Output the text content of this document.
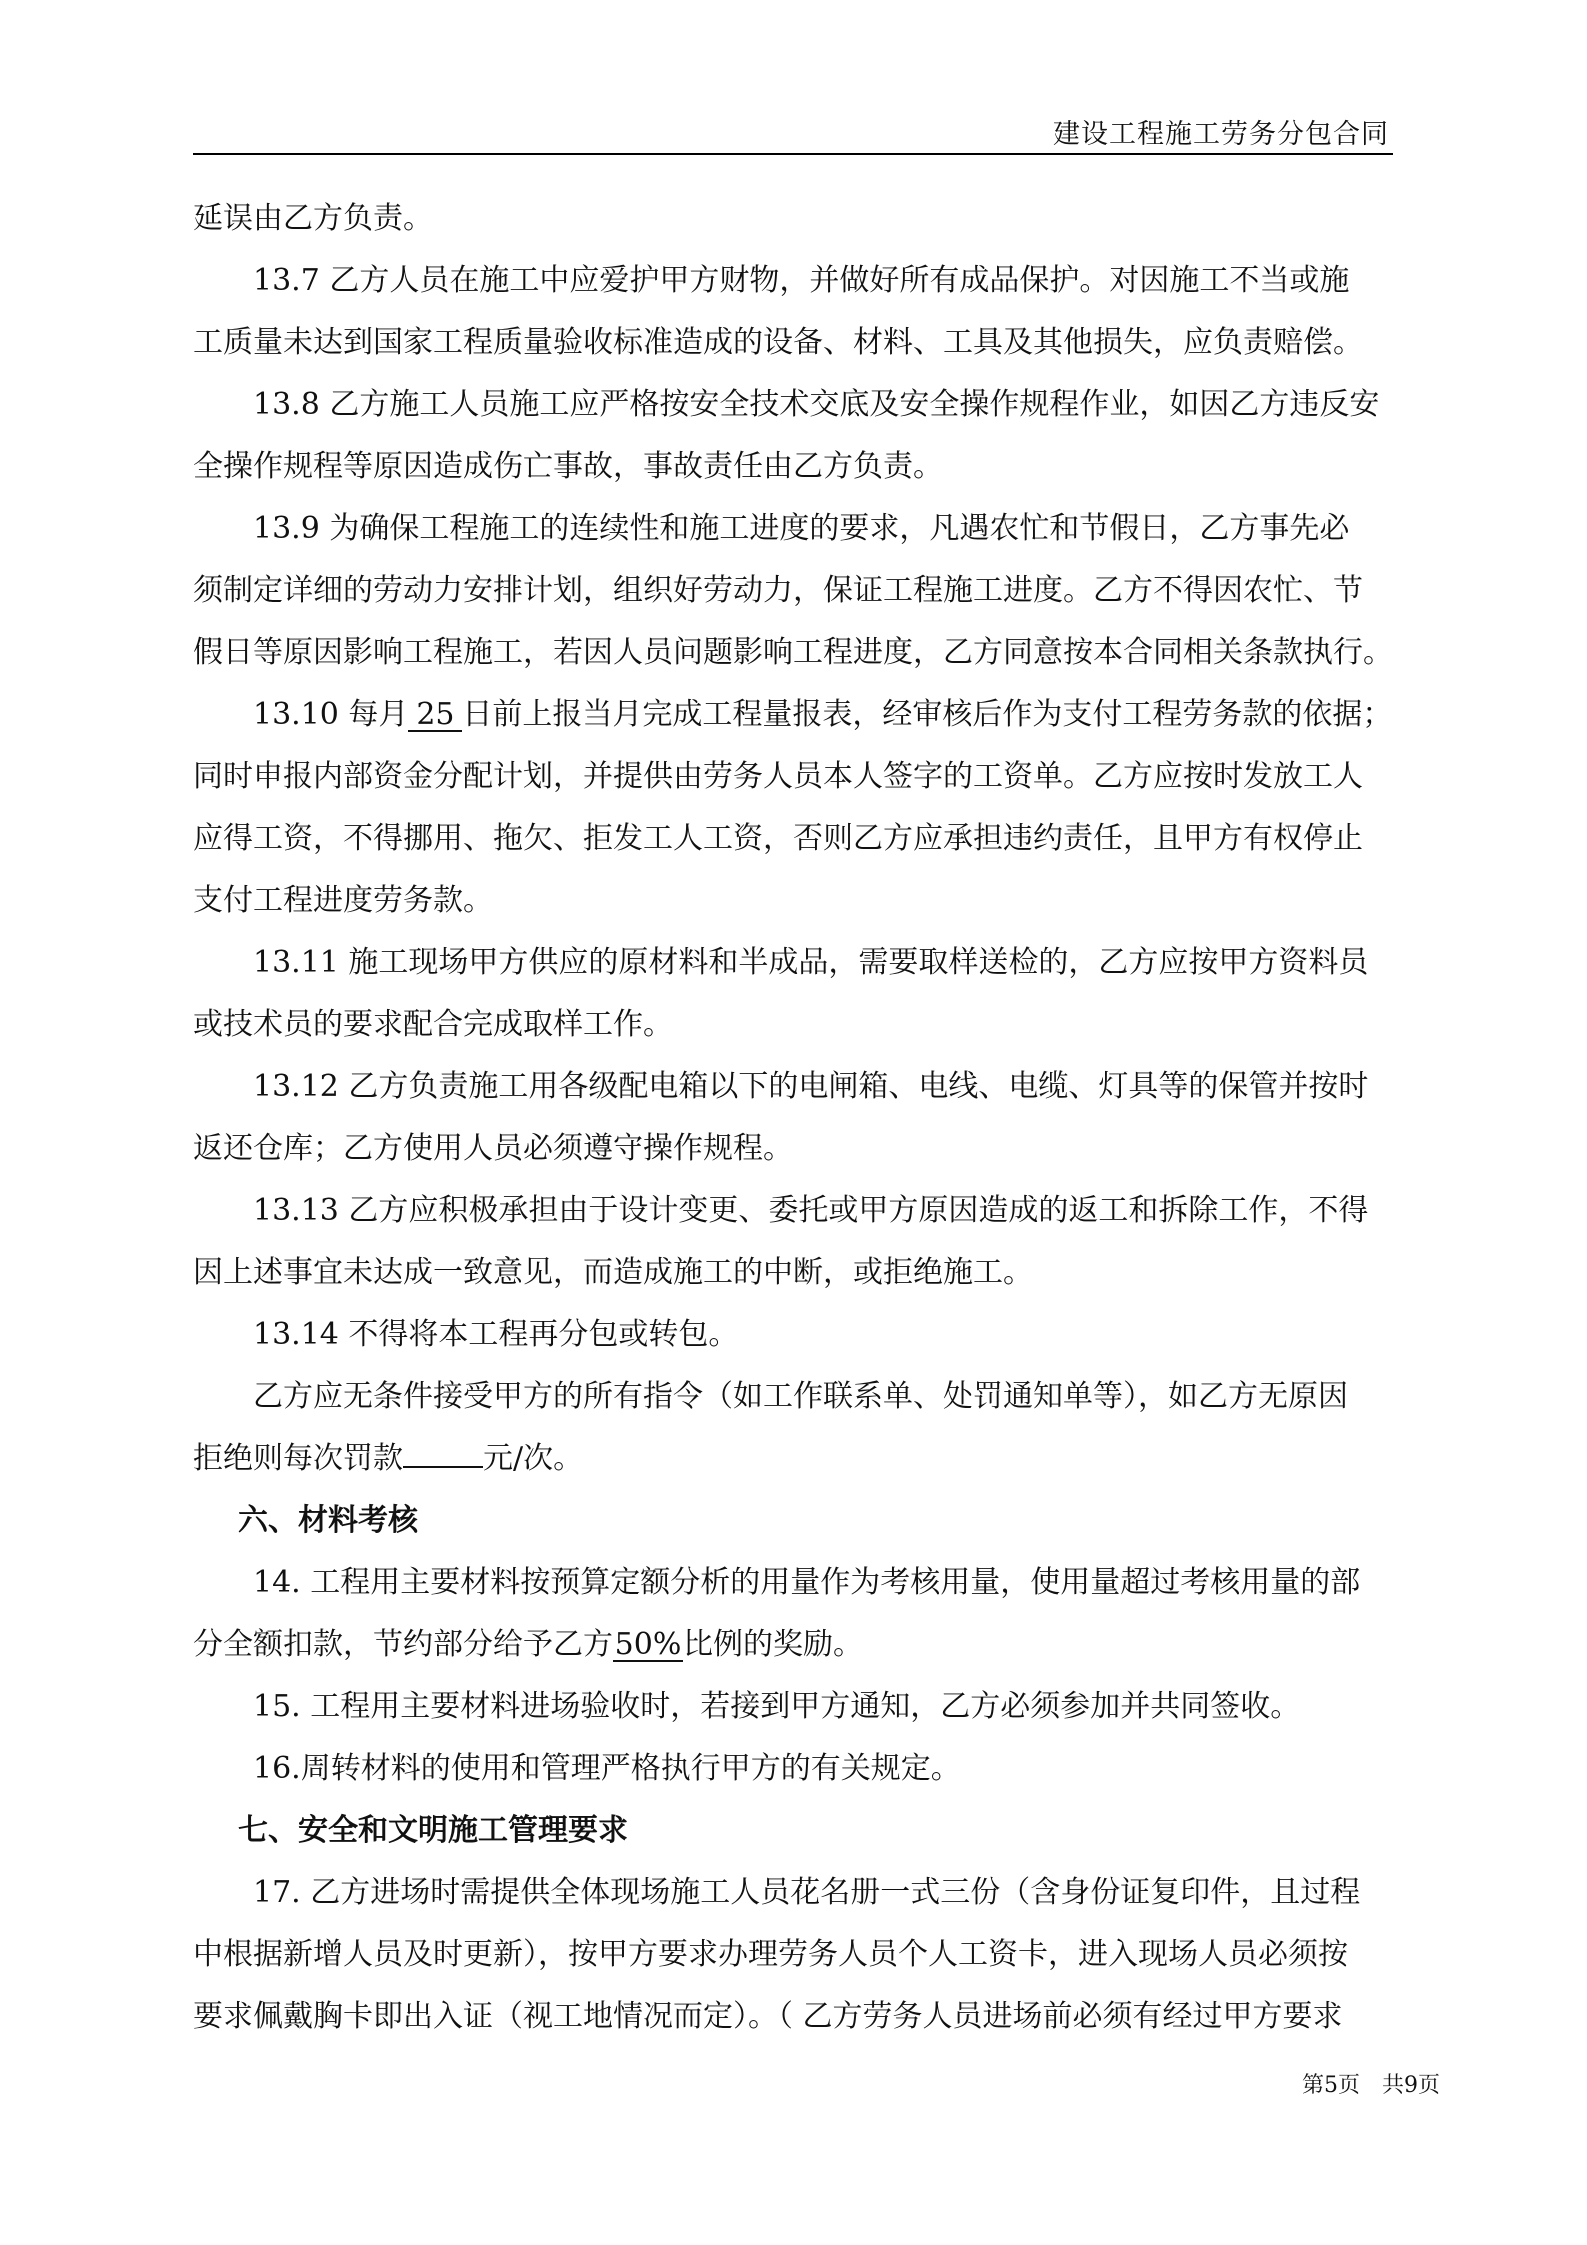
建设工程施工劳务分包合同

延误由乙方负责。

13.7 乙方人员在施工中应爱护甲方财物，并做好所有成品保护。对因施工不当或施

工质量未达到国家工程质量验收标准造成的设备、材料、工具及其他损失，应负责赔偿。

13.8 乙方施工人员施工应严格按安全技术交底及安全操作规程作业，如因乙方违反安

全操作规程等原因造成伤亡事故，事故责任由乙方负责。

13.9 为确保工程施工的连续性和施工进度的要求，凡遇农忙和节假日，乙方事先必

须制定详细的劳动力安排计划，组织好劳动力，保证工程施工进度。乙方不得因农忙、节

假日等原因影响工程施工，若因人员问题影响工程进度，乙方同意按本合同相关条款执行。

13.10 每月 25 日前上报当月完成工程量报表，经审核后作为支付工程劳务款的依据；

同时申报内部资金分配计划，并提供由劳务人员本人签字的工资单。乙方应按时发放工人

应得工资，不得挪用、拖欠、拒发工人工资，否则乙方应承担违约责任，且甲方有权停止

支付工程进度劳务款。

13.11 施工现场甲方供应的原材料和半成品，需要取样送检的，乙方应按甲方资料员

或技术员的要求配合完成取样工作。

13.12 乙方负责施工用各级配电箱以下的电闸箱、电线、电缆、灯具等的保管并按时

返还仓库；乙方使用人员必须遵守操作规程。

13.13 乙方应积极承担由于设计变更、委托或甲方原因造成的返工和拆除工作，不得

因上述事宜未达成一致意见，而造成施工的中断，或拒绝施工。

13.14 不得将本工程再分包或转包。

乙方应无条件接受甲方的所有指令（如工作联系单、处罚通知单等），如乙方无原因

拒绝则每次罚款	元/次。

六、材料考核

14. 工程用主要材料按预算定额分析的用量作为考核用量，使用量超过考核用量的部

分全额扣款，节约部分给予乙方50%比例的奖励。

15. 工程用主要材料进场验收时，若接到甲方通知，乙方必须参加并共同签收。

16.周转材料的使用和管理严格执行甲方的有关规定。

七、安全和文明施工管理要求

17. 乙方进场时需提供全体现场施工人员花名册一式三份（含身份证复印件，且过程

中根据新增人员及时更新），按甲方要求办理劳务人员个人工资卡，进入现场人员必须按

要求佩戴胸卡即出入证（视工地情况而定）。（ 乙方劳务人员进场前必须有经过甲方要求

第5页 共9页
